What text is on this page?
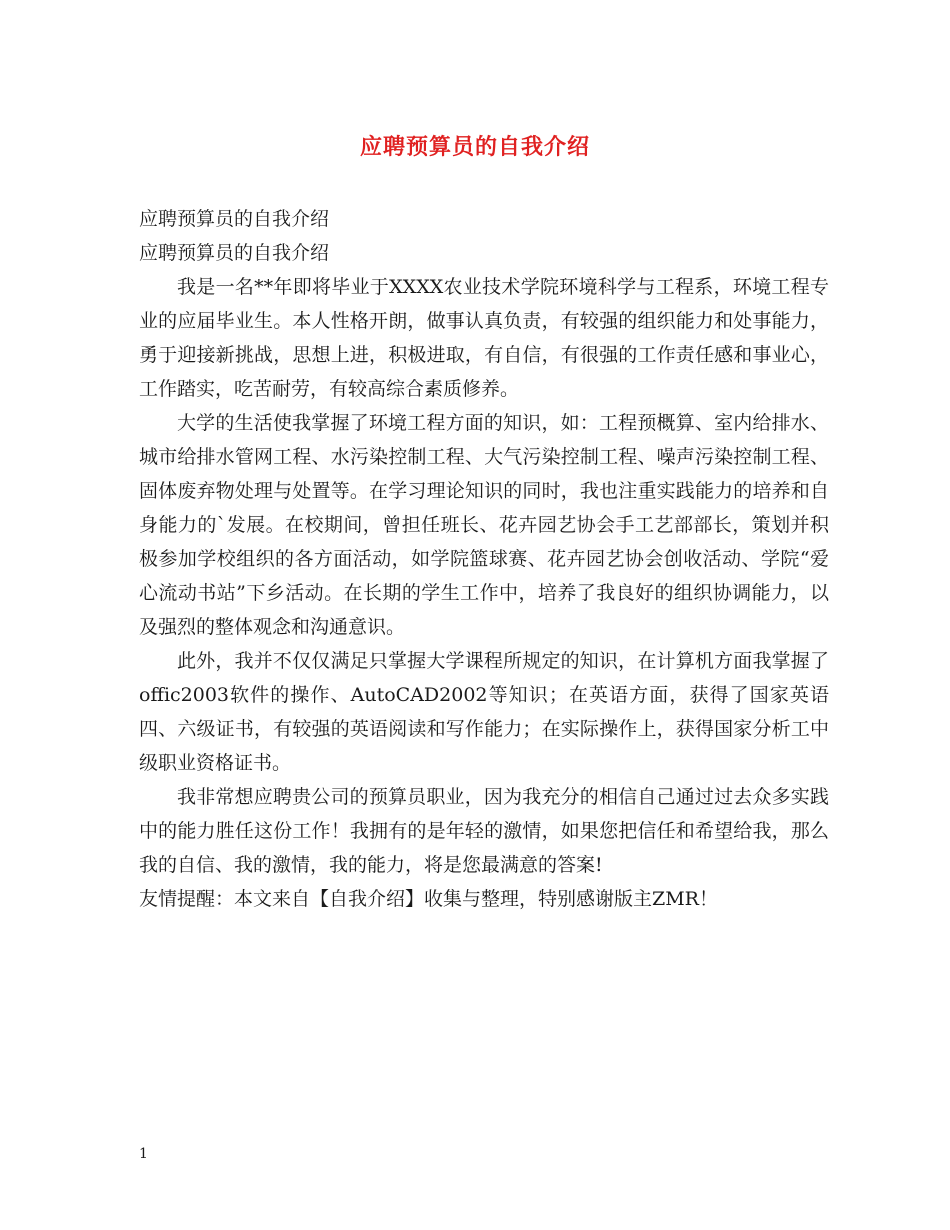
应聘预算员的自我介绍
应聘预算员的自我介绍
应聘预算员的自我介绍

我是一名**年即将毕业于XXXX农业技术学院环境科学与工程系，环境工程专业的应届毕业生。本人性格开朗，做事认真负责，有较强的组织能力和处事能力，勇于迎接新挑战，思想上进，积极进取，有自信，有很强的工作责任感和事业心，工作踏实，吃苦耐劳，有较高综合素质修养。

大学的生活使我掌握了环境工程方面的知识，如：工程预概算、室内给排水、城市给排水管网工程、水污染控制工程、大气污染控制工程、噪声污染控制工程、固体废弃物处理与处置等。在学习理论知识的同时，我也注重实践能力的培养和自身能力的`发展。在校期间，曾担任班长、花卉园艺协会手工艺部部长，策划并积极参加学校组织的各方面活动，如学院篮球赛、花卉园艺协会创收活动、学院“爱心流动书站”下乡活动。在长期的学生工作中，培养了我良好的组织协调能力，以及强烈的整体观念和沟通意识。

此外，我并不仅仅满足只掌握大学课程所规定的知识，在计算机方面我掌握了offic2003软件的操作、AutoCAD2002等知识；在英语方面，获得了国家英语四、六级证书，有较强的英语阅读和写作能力；在实际操作上，获得国家分析工中级职业资格证书。

我非常想应聘贵公司的预算员职业，因为我充分的相信自己通过过去众多实践中的能力胜任这份工作！我拥有的是年轻的激情，如果您把信任和希望给我，那么我的自信、我的激情，我的能力，将是您最满意的答案!

友情提醒：本文来自【自我介绍】收集与整理，特别感谢版主ZMR！
1
